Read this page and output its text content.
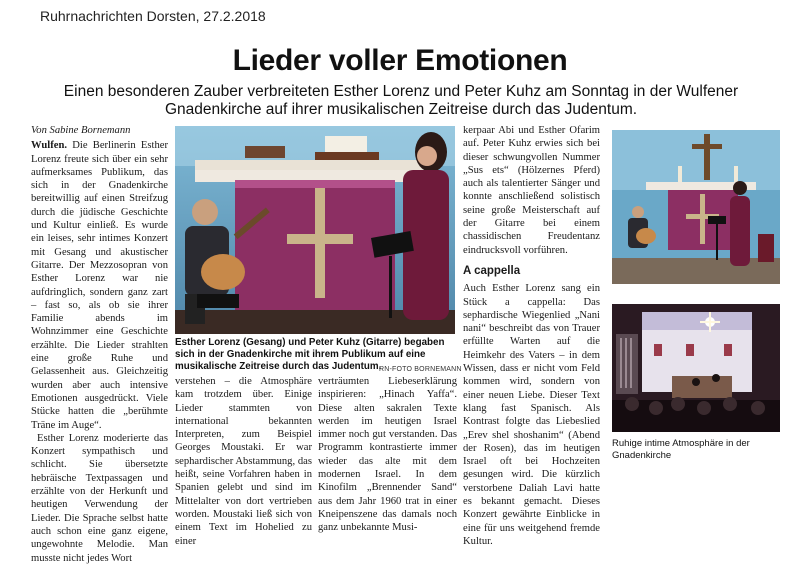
Ruhrnachrichten Dorsten, 27.2.2018
Lieder voller Emotionen
Einen besonderen Zauber verbreiteten Esther Lorenz und Peter Kuhz am Sonntag in der Wulfener Gnadenkirche auf ihrer musikalischen Zeitreise durch das Judentum.
Von Sabine Bornemann

Wulfen. Die Berlinerin Esther Lorenz freute sich über ein sehr aufmerksames Publikum, das sich in der Gnadenkirche bereitwillig auf einen Streifzug durch die jüdische Geschichte und Kultur einließ. Es wurde ein leises, sehr intimes Konzert mit Gesang und akustischer Gitarre. Der Mezzosopran von Esther Lorenz war nie aufdringlich, sondern ganz zart – fast so, als ob sie ihrer Familie abends im Wohnzimmer eine Geschichte erzählte. Die Lieder strahlten eine große Ruhe und Gelassenheit aus. Gleichzeitig wurden aber auch intensive Emotionen ausgedrückt. Viele Stücke hatten die „berühmte Träne im Auge“.

Esther Lorenz moderierte das Konzert sympathisch und schlicht. Sie übersetzte hebräische Textpassagen und erzählte von der Herkunft und heutigen Verwendung der Lieder. Die Sprache selbst hatte auch schon eine ganz eigene, ungewohnte Melodie. Man musste nicht jedes Wort

Esther Lorenz (Gesang) und Peter Kuhz (Gitarre) begaben sich in der Gnadenkirche mit ihrem Publikum auf eine musikalische Zeitreise durch das Judentum.
RN-FOTO BORNEMANN
verstehen – die Atmosphäre kam trotzdem über. Einige Lieder stammten von international bekannten Interpreten, zum Beispiel Georges Moustaki. Er war sephardischer Abstammung, das heißt, seine Vorfahren haben in Spanien gelebt und sind im Mittelalter von dort vertrieben worden. Moustaki ließ sich von einem Text im Hohelied zu einer
verträumten Liebeserklärung inspirieren: „Hinach Yaffa“. Diese alten sakralen Texte werden im heutigen Israel immer noch gut verstanden. Das Programm kontrastierte immer wieder das alte mit dem modernen Israel. In dem Kinofilm „Brennender Sand“ aus dem Jahr 1960 trat in einer Kneipenszene das damals noch ganz unbekannte Musi-

kerpaar Abi und Esther Ofarim auf. Peter Kuhz erwies sich bei dieser schwungvollen Nummer „Sus ets“ (Hölzernes Pferd) auch als talentierter Sänger und konnte anschließend solistisch seine große Meisterschaft auf der Gitarre bei einem chassidischen Freudentanz eindrucksvoll vorführen.

A cappella

Auch Esther Lorenz sang ein Stück a cappella: Das sephardische Wiegenlied „Nani nani“ beschreibt das von Trauer erfüllte Warten auf die Heimkehr des Vaters – in dem Wissen, dass er nicht vom Feld kommen wird, sondern von einer neuen Liebe. Dieser Text klang fast Spanisch. Als Kontrast folgte das Liebeslied „Erev shel shoshanim“ (Abend der Rosen), das im heutigen Israel oft bei Hochzeiten gesungen wird. Die kürzlich verstorbene Daliah Lavi hatte es bekannt gemacht. Dieses Konzert gewährte Einblicke in eine für uns weitgehend fremde Kultur.

Ruhige intime Atmosphäre in der Gnadenkirche
